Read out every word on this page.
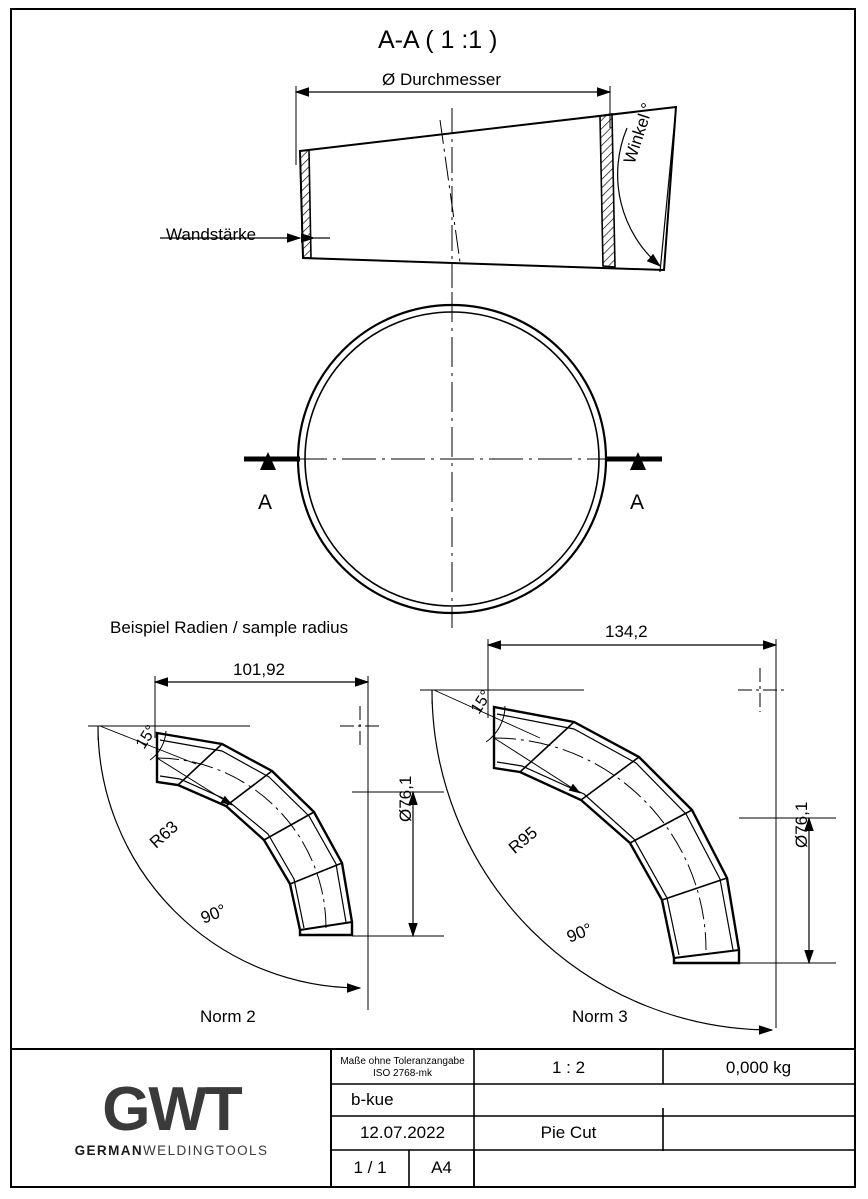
A-A ( 1 :1 )
Ø Durchmesser
Wandstärke
Winkel °
A	A
Beispiel Radien / sample radius
101,92
15°
R63
90°
Ø76,1
Norm 2
134,2
15°
R95
90°
Ø76,1
Norm 3
GWT
GERMANWELDINGTOOLS
Maße ohne Toleranzangabe
ISO 2768-mk	1 : 2	0,000 kg
b-kue
12.07.2022	Pie Cut
1 / 1	A4
